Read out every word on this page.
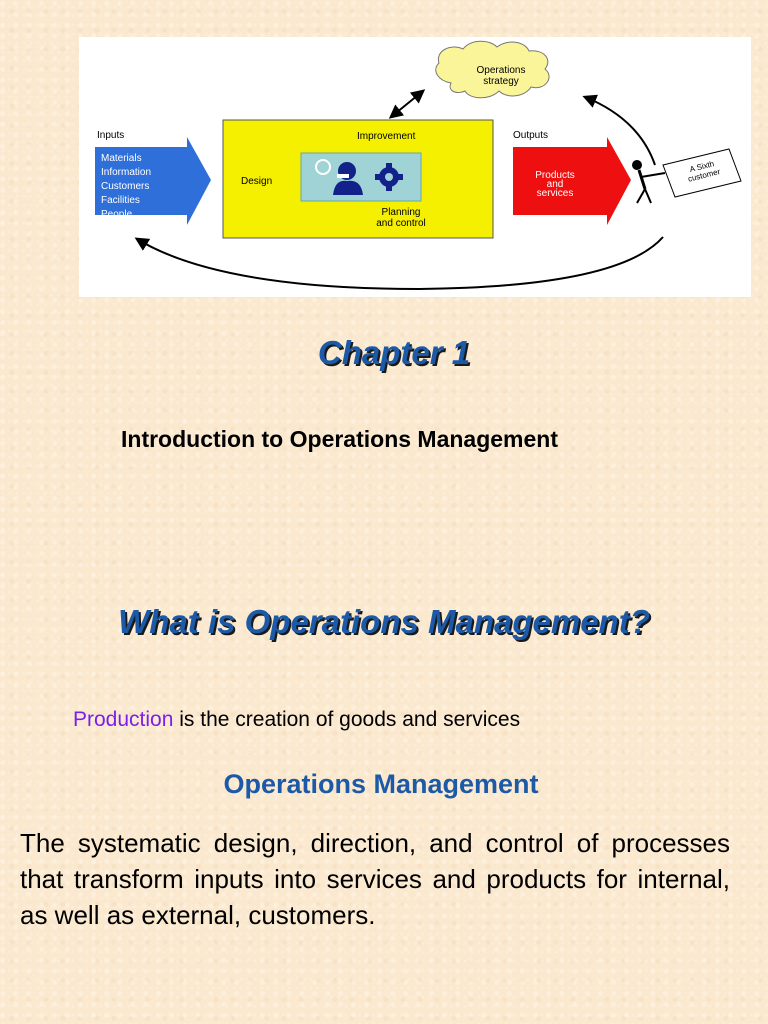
Operations
strategy
Inputs
Materials
Information
Customers
Facilities
People
Improvement
Design
Planning
and control
Outputs
Products
and
services
A Sixth
customer
Chapter 1
Introduction to Operations Management
What is Operations Management?

Production is the creation of goods and services

Operations Management

The systematic design, direction, and control of processes that transform inputs into services and products for internal, as well as external, customers.
